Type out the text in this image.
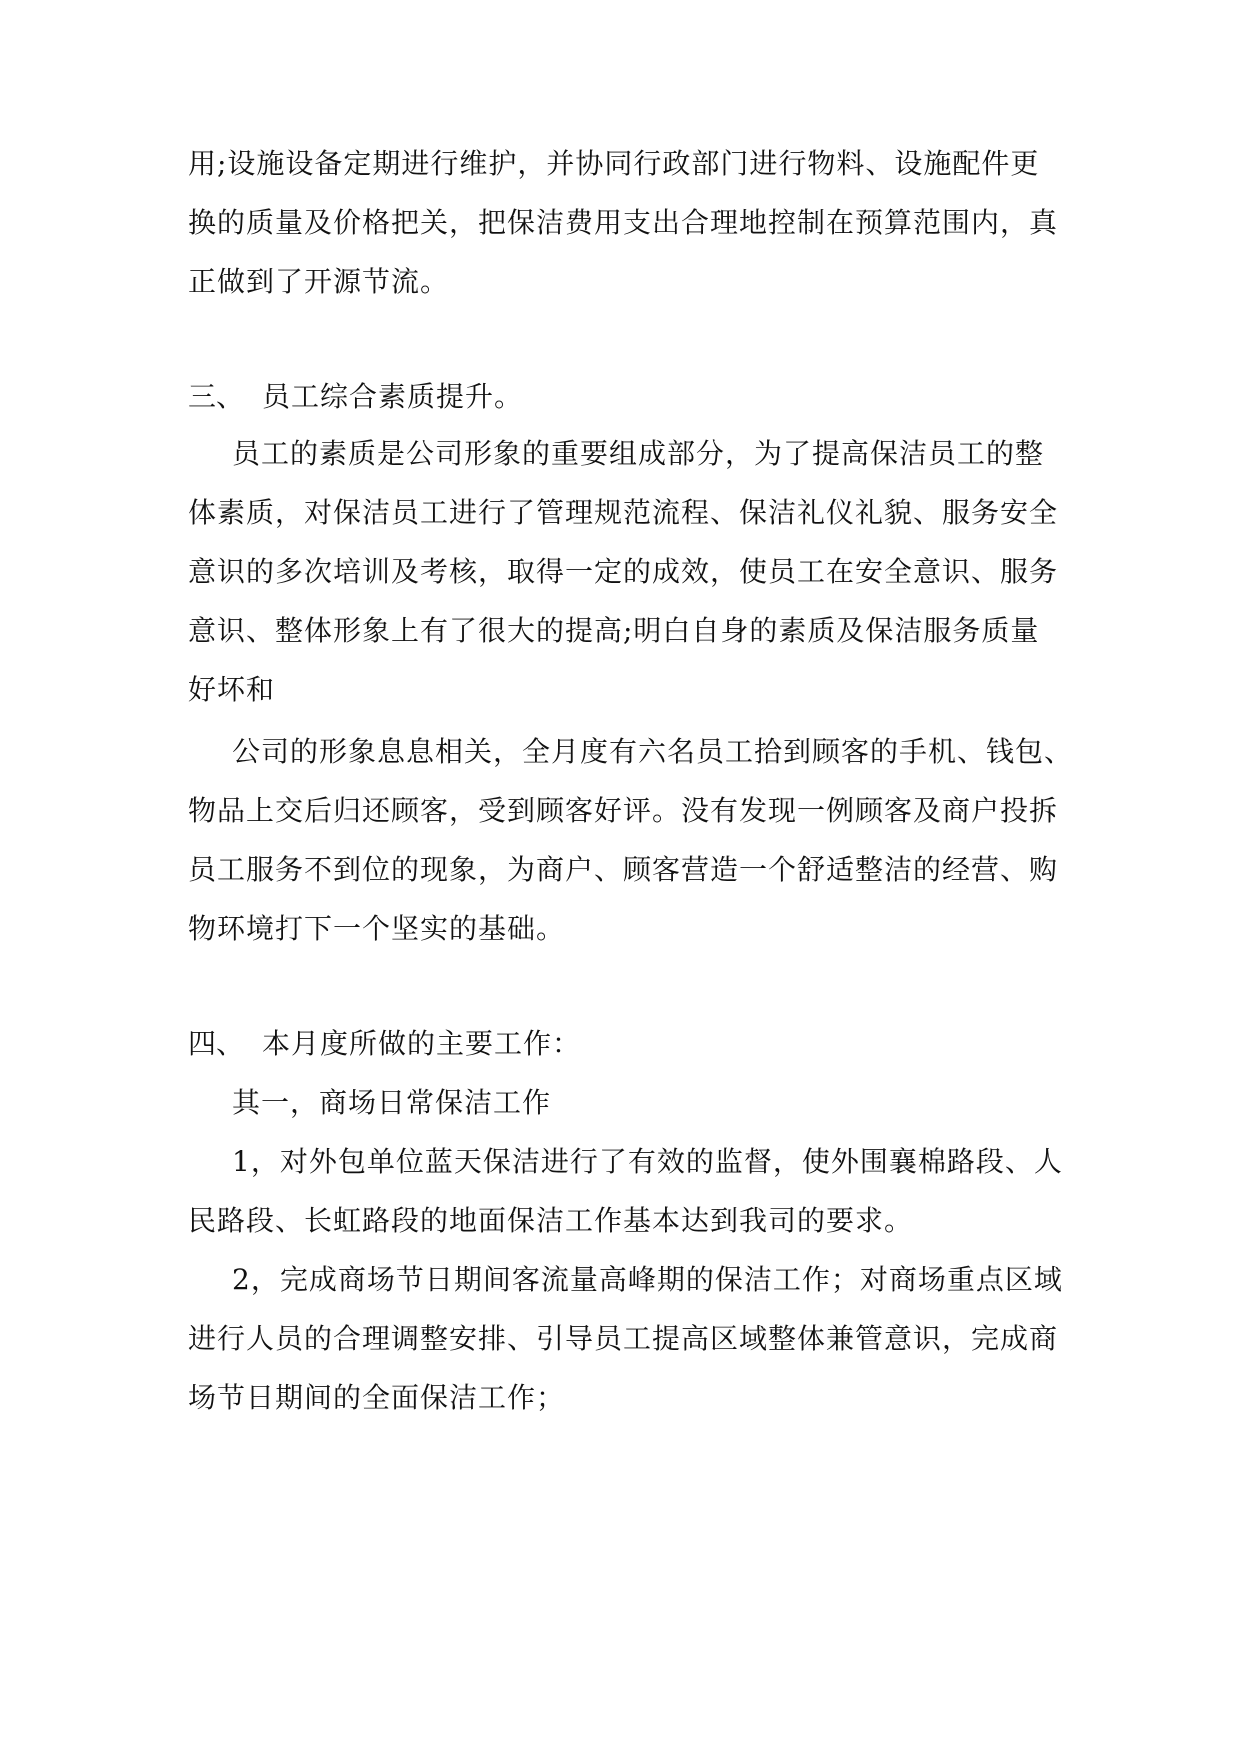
用;设施设备定期进行维护，并协同行政部门进行物料、设施配件更
换的质量及价格把关，把保洁费用支出合理地控制在预算范围内，真
正做到了开源节流。
三、 员工综合素质提升。
员工的素质是公司形象的重要组成部分，为了提高保洁员工的整
体素质，对保洁员工进行了管理规范流程、保洁礼仪礼貌、服务安全
意识的多次培训及考核，取得一定的成效，使员工在安全意识、服务
意识、整体形象上有了很大的提高;明白自身的素质及保洁服务质量
好坏和
公司的形象息息相关，全月度有六名员工拾到顾客的手机、钱包、
物品上交后归还顾客，受到顾客好评。没有发现一例顾客及商户投拆
员工服务不到位的现象，为商户、顾客营造一个舒适整洁的经营、购
物环境打下一个坚实的基础。
四、 本月度所做的主要工作：
其一，商场日常保洁工作
1，对外包单位蓝天保洁进行了有效的监督，使外围襄棉路段、人
民路段、长虹路段的地面保洁工作基本达到我司的要求。
2，完成商场节日期间客流量高峰期的保洁工作；对商场重点区域
进行人员的合理调整安排、引导员工提高区域整体兼管意识，完成商
场节日期间的全面保洁工作；
